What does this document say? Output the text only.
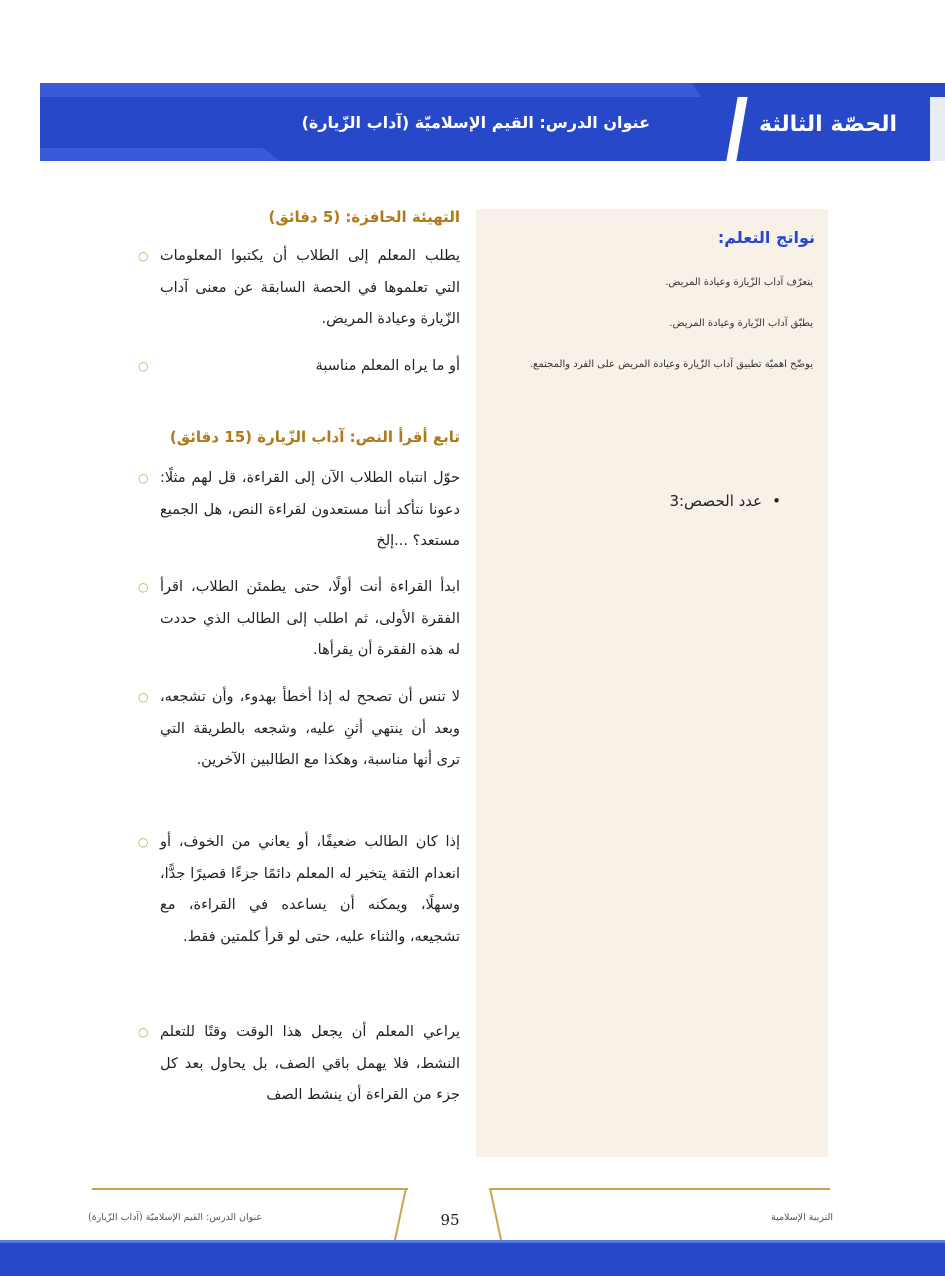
الحصّة الثالثة
عنوان الدرس: القيم الإسلاميّة (آداب الزّيارة)
نواتج التعلم:

يتعرّف آداب الزّيارة وعيادة المريض.

يطبّق آداب الزّيارة وعيادة المريض.

يوضّح اهميّة تطبيق آداب الزّيارة وعيادة المريض على الفرد والمجتمع.

•
عدد الحصص:3

التهيئة الحافزة: (5 دقائق)

○ يطلب المعلم إلى الطلاب أن يكتبوا المعلومات التي تعلموها في الحصة السابقة عن معنى آداب الزّيارة وعيادة المريض.

○	أو ما يراه المعلم مناسبة

تابع أقرأ النص: آداب الزّيارة (15 دقائق)

○ حوّل انتباه الطلاب الآن إلى القراءة، قل لهم مثلًا: دعونا نتأكد أننا مستعدون لقراءة النص، هل الجميع مستعد؟ ...إلخ

○ ابدأ القراءة أنت أولًا، حتى يطمئن الطلاب، اقرأ الفقرة الأولى، ثم اطلب إلى الطالب الذي حددت له هذه الفقرة أن يقرأها.

○ لا تنس أن تصحح له إذا أخطأ بهدوء، وأن تشجعه، وبعد أن ينتهي أثنِ عليه، وشجعه بالطريقة التي ترى أنها مناسبة، وهكذا مع الطالبين الآخرين.

○ إذا كان الطالب ضعيفًا، أو يعاني من الخوف، أو انعدام الثقة يتخير له المعلم دائمًا جزءًا قصيرًا جدًّا، وسهلًا، ويمكنه أن يساعده في القراءة، مع تشجيعه، والثناء عليه، حتى لو قرأ كلمتين فقط.

○ يراعي المعلم أن يجعل هذا الوقت وقتًا للتعلم النشط، فلا يهمل باقي الصف، بل يحاول بعد كل جزء من القراءة أن ينشط الصف

95

عنوان الدرس: القيم الإسلاميّة (آداب الزّيارة)	التربية الإسلامية
